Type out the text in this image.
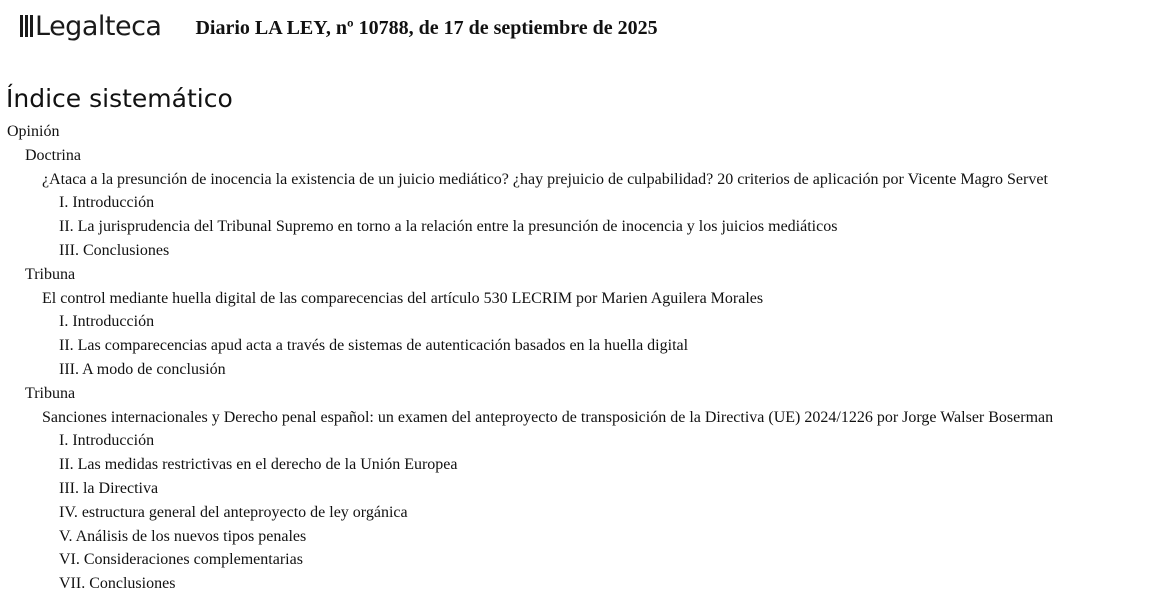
Legalteca Diario LA LEY, nº 10788, de 17 de septiembre de 2025
Índice sistemático
Opinión
Doctrina
¿Ataca a la presunción de inocencia la existencia de un juicio mediático? ¿hay prejuicio de culpabilidad? 20 criterios de aplicación por Vicente Magro Servet
I. Introducción
II. La jurisprudencia del Tribunal Supremo en torno a la relación entre la presunción de inocencia y los juicios mediáticos
III. Conclusiones
Tribuna
El control mediante huella digital de las comparecencias del artículo 530 LECRIM por Marien Aguilera Morales
I. Introducción
II. Las comparecencias apud acta a través de sistemas de autenticación basados en la huella digital
III. A modo de conclusión
Tribuna
Sanciones internacionales y Derecho penal español: un examen del anteproyecto de transposición de la Directiva (UE) 2024/1226 por Jorge Walser Boserman
I. Introducción
II. Las medidas restrictivas en el derecho de la Unión Europea
III. la Directiva
IV. estructura general del anteproyecto de ley orgánica
V. Análisis de los nuevos tipos penales
VI. Consideraciones complementarias
VII. Conclusiones
